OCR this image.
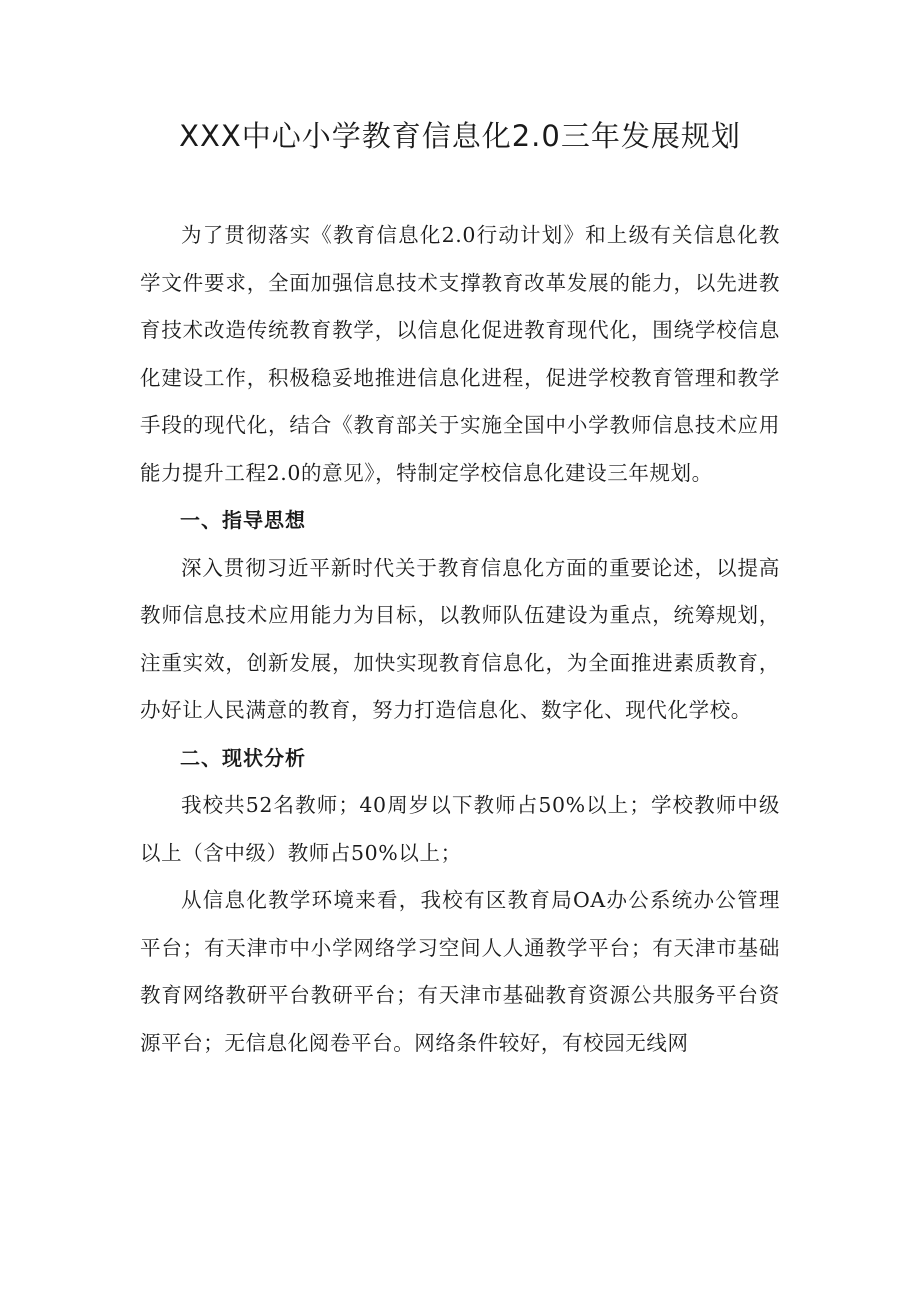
XXX中心小学教育信息化2.0三年发展规划

为了贯彻落实《教育信息化2.0行动计划》和上级有关信息化教学文件要求，全面加强信息技术支撑教育改革发展的能力，以先进教育技术改造传统教育教学，以信息化促进教育现代化，围绕学校信息化建设工作，积极稳妥地推进信息化进程，促进学校教育管理和教学手段的现代化，结合《教育部关于实施全国中小学教师信息技术应用能力提升工程2.0的意见》，特制定学校信息化建设三年规划。

一、指导思想

深入贯彻习近平新时代关于教育信息化方面的重要论述，以提高教师信息技术应用能力为目标，以教师队伍建设为重点，统筹规划，注重实效，创新发展，加快实现教育信息化，为全面推进素质教育，办好让人民满意的教育，努力打造信息化、数字化、现代化学校。

二、现状分析

我校共52名教师；40周岁以下教师占50%以上；学校教师中级以上（含中级）教师占50%以上；

从信息化教学环境来看，我校有区教育局OA办公系统办公管理平台；有天津市中小学网络学习空间人人通教学平台；有天津市基础教育网络教研平台教研平台；有天津市基础教育资源公共服务平台资源平台；无信息化阅卷平台。网络条件较好，有校园无线网
